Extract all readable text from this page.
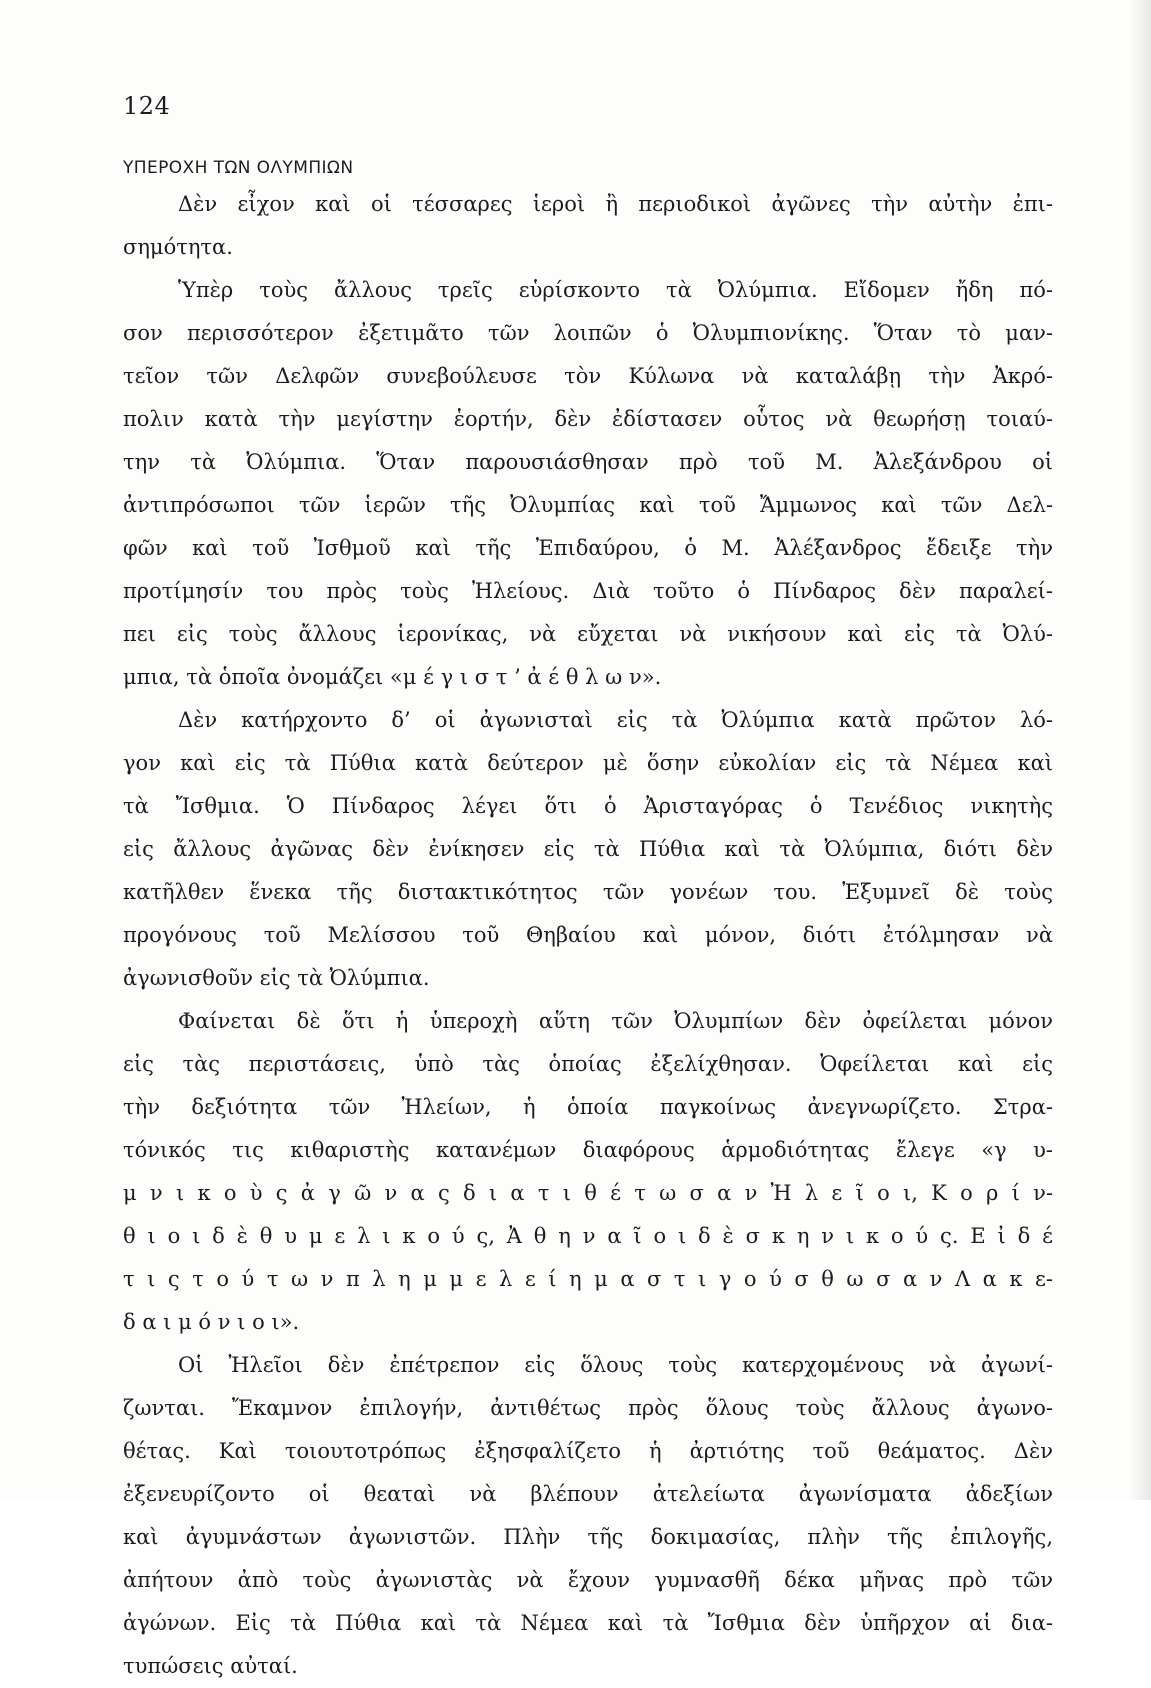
124

ΥΠΕΡΟΧΗ ΤΩΝ ΟΛΥΜΠΙΩΝ

Δὲν εἶχον καὶ οἱ τέσσαρες ἱεροὶ ἢ περιοδικοὶ ἀγῶνες τὴν αὐτὴν ἐπι-
σημότητα.
Ὑπὲρ τοὺς ἄλλους τρεῖς εὑρίσκοντο τὰ Ὀλύμπια. Εἴδομεν ἤδη πό-
σον περισσότερον ἐξετιμᾶτο τῶν λοιπῶν ὁ Ὀλυμπιονίκης. Ὅταν τὸ μαν-
τεῖον τῶν Δελφῶν συνεβούλευσε τὸν Κύλωνα νὰ καταλάβῃ τὴν Ἀκρό-
πολιν κατὰ τὴν μεγίστην ἑορτήν, δὲν ἐδίστασεν οὗτος νὰ θεωρήσῃ τοιαύ-
την τὰ Ὀλύμπια. Ὅταν παρουσιάσθησαν πρὸ τοῦ Μ. Ἀλεξάνδρου οἱ
ἀντιπρόσωποι τῶν ἱερῶν τῆς Ὀλυμπίας καὶ τοῦ Ἄμμωνος καὶ τῶν Δελ-
φῶν καὶ τοῦ Ἰσθμοῦ καὶ τῆς Ἐπιδαύρου, ὁ Μ. Ἀλέξανδρος ἔδειξε τὴν
προτίμησίν του πρὸς τοὺς Ἠλείους. Διὰ τοῦτο ὁ Πίνδαρος δὲν παραλεί-
πει εἰς τοὺς ἄλλους ἱερονίκας, νὰ εὔχεται νὰ νικήσουν καὶ εἰς τὰ Ὀλύ-
μπια, τὰ ὁποῖα ὀνομάζει «μ έ γ ι σ τ ’ ἀ έ θ λ ω ν».
Δὲν κατήρχοντο δ’ οἱ ἀγωνισταὶ εἰς τὰ Ὀλύμπια κατὰ πρῶτον λό-
γον καὶ εἰς τὰ Πύθια κατὰ δεύτερον μὲ ὅσην εὐκολίαν εἰς τὰ Νέμεα καὶ
τὰ Ἴσθμια. Ὁ Πίνδαρος λέγει ὅτι ὁ Ἀρισταγόρας ὁ Τενέδιος νικητὴς
εἰς ἄλλους ἀγῶνας δὲν ἐνίκησεν εἰς τὰ Πύθια καὶ τὰ Ὀλύμπια, διότι δὲν
κατῆλθεν ἕνεκα τῆς διστακτικότητος τῶν γονέων του. Ἐξυμνεῖ δὲ τοὺς
προγόνους τοῦ Μελίσσου τοῦ Θηβαίου καὶ μόνον, διότι ἐτόλμησαν νὰ
ἀγωνισθοῦν εἰς τὰ Ὀλύμπια.
Φαίνεται δὲ ὅτι ἡ ὑπεροχὴ αὕτη τῶν Ὀλυμπίων δὲν ὀφείλεται μόνον
εἰς τὰς περιστάσεις, ὑπὸ τὰς ὁποίας ἐξελίχθησαν. Ὀφείλεται καὶ εἰς
τὴν δεξιότητα τῶν Ἠλείων, ἡ ὁποία παγκοίνως ἀνεγνωρίζετο. Στρα-
τόνικός τις κιθαριστὴς κατανέμων διαφόρους ἁρμοδιότητας ἔλεγε «γ υ-
μ ν ι κ ο ὺ ς ἀ γ ῶ ν α ς δ ι α τ ι θ έ τ ω σ α ν Ἠ λ ε ῖ ο ι, Κ ο ρ ί ν-
θ ι ο ι δ ὲ θ υ μ ε λ ι κ ο ύ ς, Ἀ θ η ν α ῖ ο ι δ ὲ σ κ η ν ι κ ο ύ ς. Ε ἰ δ έ
τ ι ς τ ο ύ τ ω ν π λ η μ μ ε λ ε ί η μ α σ τ ι γ ο ύ σ θ ω σ α ν Λ α κ ε-
δ α ι μ ό ν ι ο ι».
Οἱ Ἠλεῖοι δὲν ἐπέτρεπον εἰς ὅλους τοὺς κατερχομένους νὰ ἀγωνί-
ζωνται. Ἔκαμνον ἐπιλογήν, ἀντιθέτως πρὸς ὅλους τοὺς ἄλλους ἀγωνο-
θέτας. Καὶ τοιουτοτρόπως ἐξησφαλίζετο ἡ ἀρτιότης τοῦ θεάματος. Δὲν
ἐξενευρίζοντο οἱ θεαταὶ νὰ βλέπουν ἀτελείωτα ἀγωνίσματα ἀδεξίων
καὶ ἀγυμνάστων ἀγωνιστῶν. Πλὴν τῆς δοκιμασίας, πλὴν τῆς ἐπιλογῆς,
ἀπήτουν ἀπὸ τοὺς ἀγωνιστὰς νὰ ἔχουν γυμνασθῆ δέκα μῆνας πρὸ τῶν
ἀγώνων. Εἰς τὰ Πύθια καὶ τὰ Νέμεα καὶ τὰ Ἴσθμια δὲν ὑπῆρχον αἱ δια-
τυπώσεις αὐταί.
